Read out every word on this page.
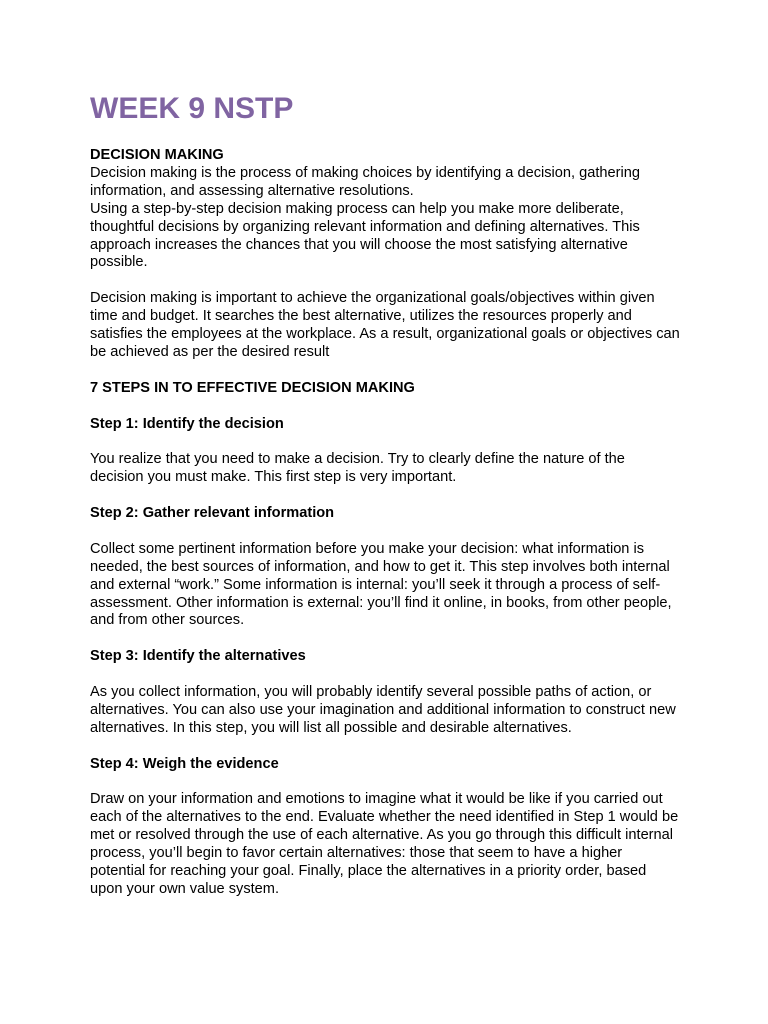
WEEK 9 NSTP

DECISION MAKING

Decision making is the process of making choices by identifying a decision, gathering information, and assessing alternative resolutions.

Using a step-by-step decision making process can help you make more deliberate, thoughtful decisions by organizing relevant information and defining alternatives. This approach increases the chances that you will choose the most satisfying alternative possible.

Decision making is important to achieve the organizational goals/objectives within given time and budget. It searches the best alternative, utilizes the resources properly and satisfies the employees at the workplace. As a result, organizational goals or objectives can be achieved as per the desired result

7 STEPS IN TO EFFECTIVE DECISION MAKING

Step 1: Identify the decision

You realize that you need to make a decision. Try to clearly define the nature of the decision you must make. This first step is very important.

Step 2: Gather relevant information

Collect some pertinent information before you make your decision: what information is needed, the best sources of information, and how to get it. This step involves both internal and external “work.” Some information is internal: you’ll seek it through a process of self-assessment. Other information is external: you’ll find it online, in books, from other people, and from other sources.

Step 3: Identify the alternatives

As you collect information, you will probably identify several possible paths of action, or alternatives. You can also use your imagination and additional information to construct new alternatives. In this step, you will list all possible and desirable alternatives.

Step 4: Weigh the evidence

Draw on your information and emotions to imagine what it would be like if you carried out each of the alternatives to the end. Evaluate whether the need identified in Step 1 would be met or resolved through the use of each alternative. As you go through this difficult internal process, you’ll begin to favor certain alternatives: those that seem to have a higher potential for reaching your goal. Finally, place the alternatives in a priority order, based upon your own value system.
